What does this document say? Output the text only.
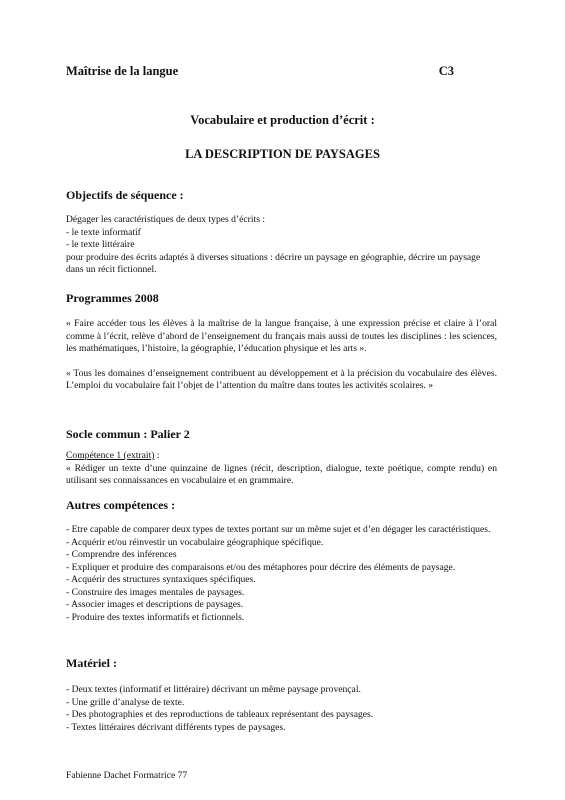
Maîtrise de la langue	C3
Vocabulaire et production d’écrit :
LA DESCRIPTION DE PAYSAGES
Objectifs de séquence :
Dégager les caractéristiques de deux types d’écrits :
- le texte informatif
- le texte littéraire
pour produire des écrits adaptés à diverses situations : décrire un paysage en géographie, décrire un paysage dans un récit fictionnel.
Programmes 2008
« Faire accéder tous les élèves à la maîtrise de la langue française, à une expression précise et claire à l’oral comme à l’écrit, relève d’abord de l’enseignement du français mais aussi de toutes les disciplines : les sciences, les mathématiques, l’histoire, la géographie, l’éducation physique et les arts ».
« Tous les domaines d’enseignement contribuent au développement et à la précision du vocabulaire des élèves. L’emploi du vocabulaire fait l’objet de l’attention du maître dans toutes les activités scolaires. »
Socle commun : Palier 2
Compétence 1 (extrait) :
« Rédiger un texte d’une quinzaine de lignes (récit, description, dialogue, texte poétique, compte rendu) en utilisant ses connaissances en vocabulaire et en grammaire.
Autres compétences :
- Etre capable de comparer deux types de textes portant sur un même sujet et d’en dégager les caractéristiques.
- Acquérir et/ou réinvestir un vocabulaire géographique spécifique.
- Comprendre des inférences
- Expliquer et produire des comparaisons et/ou des métaphores pour décrire des éléments de paysage.
- Acquérir des structures syntaxiques spécifiques.
- Construire des images mentales de paysages.
- Associer images et descriptions de paysages.
- Produire des textes informatifs et fictionnels.
Matériel :
- Deux textes (informatif et littéraire) décrivant un même paysage provençal.
- Une grille d’analyse de texte.
- Des photographies et des reproductions de tableaux représentant des paysages.
- Textes littéraires décrivant différents types de paysages.
Fabienne Dachet Formatrice 77
